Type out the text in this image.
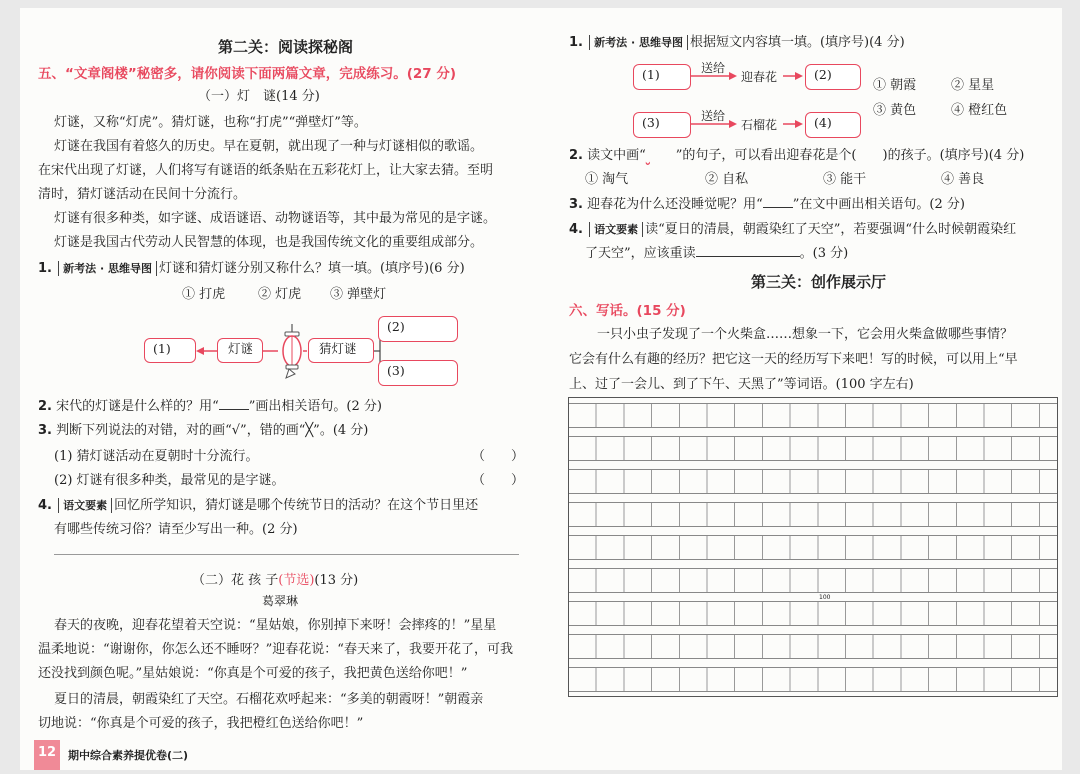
第二关：阅读探秘阁
五、“文章阁楼”秘密多，请你阅读下面两篇文章，完成练习。(27 分)
（一）灯　谜(14 分)
灯谜，又称“灯虎”。猜灯谜，也称“打虎”“弹壁灯”等。
灯谜在我国有着悠久的历史。早在夏朝，就出现了一种与灯谜相似的歌谣。
在宋代出现了灯谜，人们将写有谜语的纸条贴在五彩花灯上，让大家去猜。至明
清时，猜灯谜活动在民间十分流行。
灯谜有很多种类，如字谜、成语谜语、动物谜语等，其中最为常见的是字谜。
灯谜是我国古代劳动人民智慧的体现，也是我国传统文化的重要组成部分。
1. 新考法 · 思维导图 灯谜和猜灯谜分别又称什么？填一填。(填序号)(6 分)
① 打虎	② 灯虎 ③ 弹壁灯
(1)	灯谜	猜灯谜
(2)
(3)
2. 宋代的灯谜是什么样的？用“ ”画出相关语句。(2 分)
3. 判断下列说法的对错，对的画“√”，错的画“╳”。(4 分)
(1) 猜灯谜活动在夏朝时十分流行。	（　　）
(2) 灯谜有很多种类，最常见的是字谜。	（　　）
4. 语文要素 回忆所学知识，猜灯谜是哪个传统节日的活动？在这个节日里还
有哪些传统习俗？请至少写出一种。(2 分)
（二）花 孩 子(节选)(13 分)
葛翠琳
春天的夜晚，迎春花望着天空说：“星姑娘，你别掉下来呀！会摔疼的！”星星
温柔地说：“谢谢你，你怎么还不睡呀？”迎春花说：“春天来了，我要开花了，可我
还没找到颜色呢。”星姑娘说：“你真是个可爱的孩子，我把黄色送给你吧！”
夏日的清晨，朝霞染红了天空。石榴花欢呼起来：“多美的朝霞呀！”朝霞亲
切地说：“你真是个可爱的孩子，我把橙红色送给你吧！”
12	期中综合素养提优卷(二)
1. 新考法 · 思维导图 根据短文内容填一填。(填序号)(4 分)
(1)	送给
迎春花	(2)
(3)	送给
石榴花	(4)
① 朝霞	② 星星
③ 黄色	④ 橙红色
2. 读文中画“ ”的句子，可以看出迎春花是个( )的孩子。(填序号)(4 分)
① 淘气	② 自私	③ 能干	④ 善良
3. 迎春花为什么还没睡觉呢？用“ ”在文中画出相关语句。(2 分)
4. 语文要素 读“夏日的清晨，朝霞染红了天空”，若要强调“什么时候朝霞染红
了天空”，应该重读	。(3 分)
第三关：创作展示厅
六、写话。(15 分)
一只小虫子发现了一个火柴盒……想象一下，它会用火柴盒做哪些事情？
它会有什么有趣的经历？把它这一天的经历写下来吧！写的时候，可以用上“早
上、过了一会儿、到了下午、天黑了”等词语。(100 字左右)
100
